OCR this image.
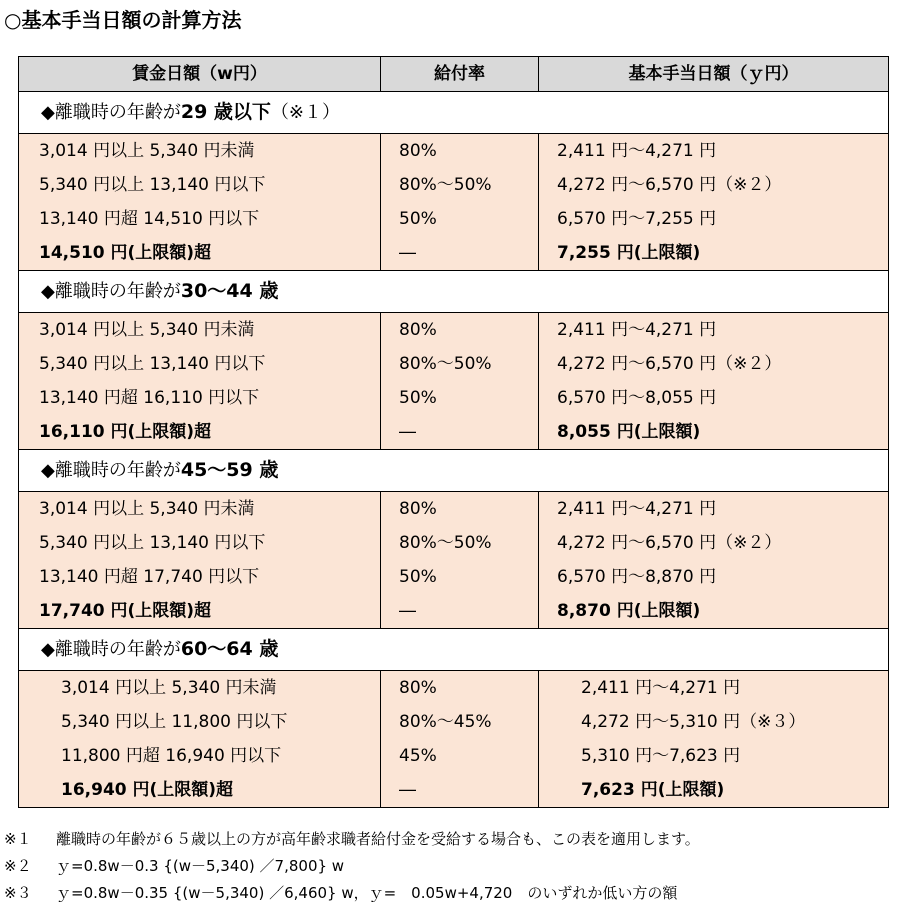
○基本手当日額の計算方法
賃金日額（w円）	給付率	基本手当日額（ｙ円）
◆離職時の年齢が29 歳以下（※１）		
3,014 円以上 5,340 円未満	80%	2,411 円～4,271 円
5,340 円以上 13,140 円以下	80%～50%	4,272 円～6,570 円（※２）
13,140 円超 14,510 円以下	50%	6,570 円～7,255 円
14,510 円(上限額)超	―	7,255 円(上限額)
◆離職時の年齢が30～44 歳		
3,014 円以上 5,340 円未満	80%	2,411 円～4,271 円
5,340 円以上 13,140 円以下	80%～50%	4,272 円～6,570 円（※２）
13,140 円超 16,110 円以下	50%	6,570 円～8,055 円
16,110 円(上限額)超	―	8,055 円(上限額)
◆離職時の年齢が45～59 歳		
3,014 円以上 5,340 円未満	80%	2,411 円～4,271 円
5,340 円以上 13,140 円以下	80%～50%	4,272 円～6,570 円（※２）
13,140 円超 17,740 円以下	50%	6,570 円～8,870 円
17,740 円(上限額)超	―	8,870 円(上限額)
◆離職時の年齢が60～64 歳		
3,014 円以上 5,340 円未満	80%	2,411 円～4,271 円
5,340 円以上 11,800 円以下	80%～45%	4,272 円～5,310 円（※３）
11,800 円超 16,940 円以下	45%	5,310 円～7,623 円
16,940 円(上限額)超	―	7,623 円(上限額)
※１ 離職時の年齢が６５歳以上の方が高年齢求職者給付金を受給する場合も、この表を適用します。
※２ ｙ=0.8w－0.3 {(w－5,340) ／7,800} w
※３ ｙ=0.8w－0.35 {(w－5,340) ／6,460} w，ｙ=　0.05w+4,720　のいずれか低い方の額
